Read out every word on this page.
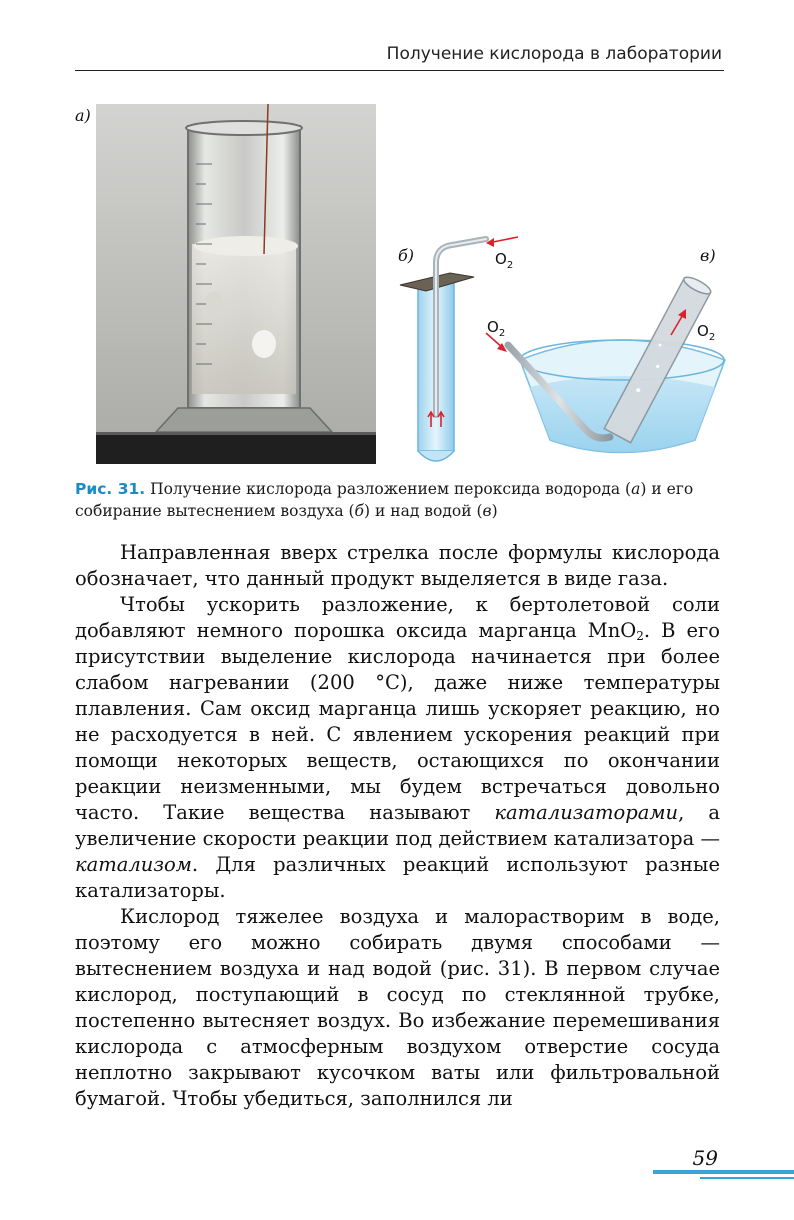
Получение кислорода в лаборатории
а)
б)	в)
$O_2$
$O_2$	$O_2$
Рис. 31. Получение кислорода разложением пероксида водорода (а) и его собирание вытеснением воздуха (б) и над водой (в)

Направленная вверх стрелка после формулы кислорода обозначает, что данный продукт выделяется в виде газа.

Чтобы ускорить разложение, к бертолетовой соли добавляют немного порошка оксида марганца MnO$_2$. В его присутствии выделение кислорода начинается при более слабом нагревании (200 °C), даже ниже температуры плавления. Сам оксид марганца лишь ускоряет реакцию, но не расходуется в ней. С явлением ускорения реакций при помощи некоторых веществ, остающихся по окончании реакции неизменными, мы будем встречаться довольно часто. Такие вещества называют катализаторами, а увеличение скорости реакции под действием катализатора — катализом. Для различных реакций используют разные катализаторы.

Кислород тяжелее воздуха и малорастворим в воде, поэтому его можно собирать двумя способами — вытеснением воздуха и над водой (рис. 31). В первом случае кислород, поступающий в сосуд по стеклянной трубке, постепенно вытесняет воздух. Во избежание перемешивания кислорода с атмосферным воздухом отверстие сосуда неплотно закрывают кусочком ваты или фильтровальной бумагой. Чтобы убедиться, заполнился ли

59
